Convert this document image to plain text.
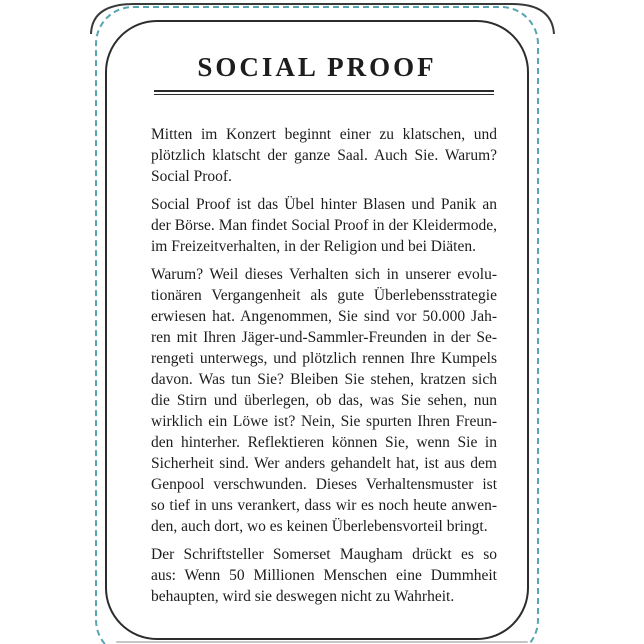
SOCIAL PROOF
Mitten im Konzert beginnt einer zu klatschen, und
plötzlich klatscht der ganze Saal. Auch Sie. Warum?
Social Proof.
Social Proof ist das Übel hinter Blasen und Panik an
der Börse. Man findet Social Proof in der Kleidermode,
im Freizeitverhalten, in der Religion und bei Diäten.
Warum? Weil dieses Verhalten sich in unserer evolu-
tionären Vergangenheit als gute Überlebensstrategie
erwiesen hat. Angenommen, Sie sind vor 50.000 Jah-
ren mit Ihren Jäger-und-Sammler-Freunden in der Se-
rengeti unterwegs, und plötzlich rennen Ihre Kumpels
davon. Was tun Sie? Bleiben Sie stehen, kratzen sich
die Stirn und überlegen, ob das, was Sie sehen, nun
wirklich ein Löwe ist? Nein, Sie spurten Ihren Freun-
den hinterher. Reflektieren können Sie, wenn Sie in
Sicherheit sind. Wer anders gehandelt hat, ist aus dem
Genpool verschwunden. Dieses Verhaltensmuster ist
so tief in uns verankert, dass wir es noch heute anwen-
den, auch dort, wo es keinen Überlebensvorteil bringt.
Der Schriftsteller Somerset Maugham drückt es so
aus: Wenn 50 Millionen Menschen eine Dummheit
behaupten, wird sie deswegen nicht zu Wahrheit.
